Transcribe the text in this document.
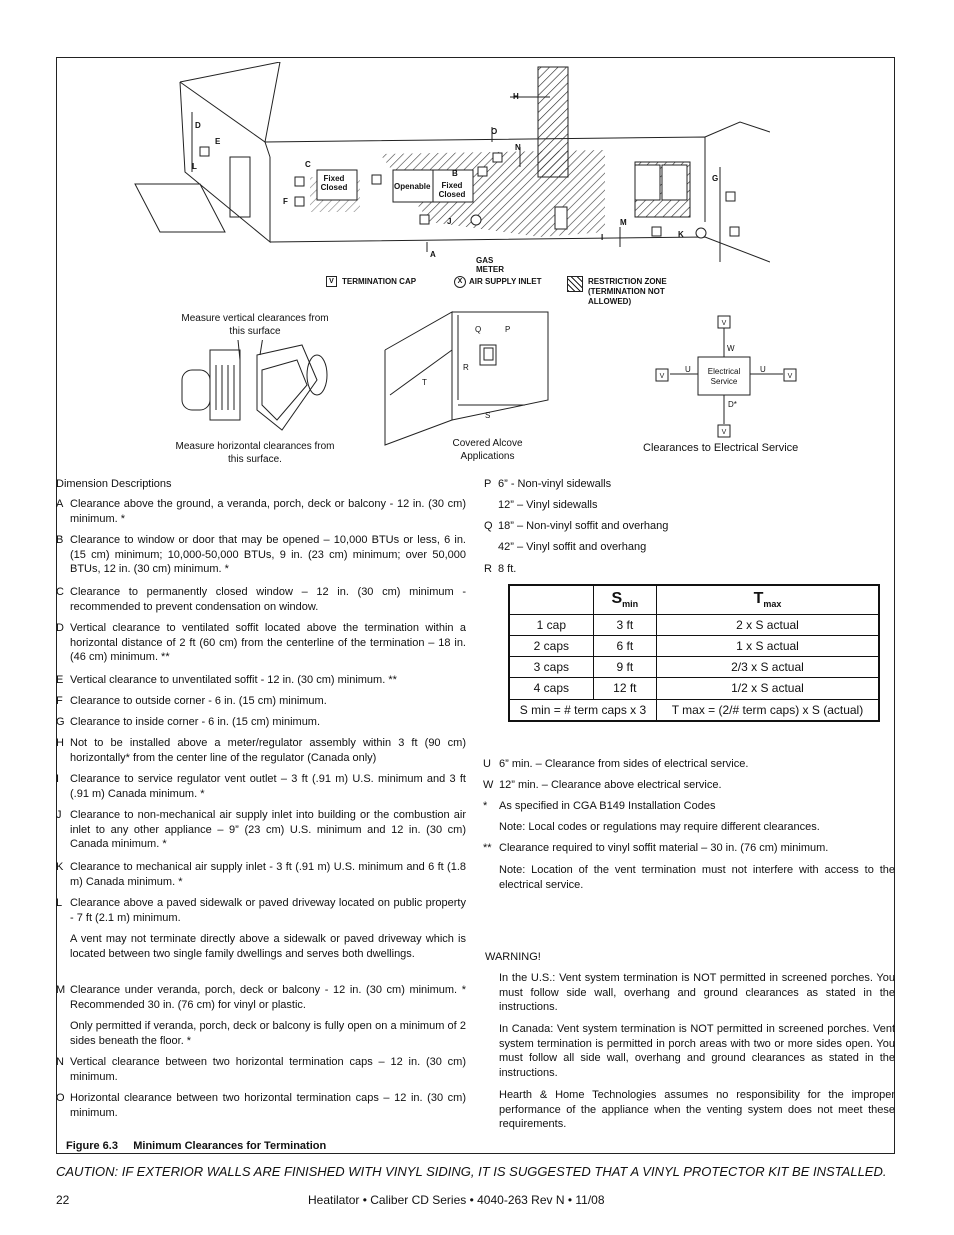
H
O
N
D
E
L	C
F
A
I
M
K
G
J
B
Fixed Closed	Openable	Fixed Closed
GAS METER
V	TERMINATION CAP	X AIR SUPPLY INLET	RESTRICTION ZONE (TERMINATION NOT ALLOWED)
Measure vertical clearances from this surface
Measure horizontal clearances from this surface.
Q	P
R
T
S
Covered Alcove Applications
V
V
V	V
W
U	U
D*
Electrical Service
Clearances to Electrical Service
Dimension Descriptions
A Clearance above the ground, a veranda, porch, deck or balcony - 12 in. (30 cm) minimum. *
B Clearance to window or door that may be opened – 10,000 BTUs or less, 6 in. (15 cm) minimum; 10,000-50,000 BTUs, 9 in. (23 cm) minimum; over 50,000 BTUs, 12 in. (30 cm) minimum. *
C Clearance to permanently closed window – 12 in. (30 cm) minimum - recommended to prevent condensation on window.
D Vertical clearance to ventilated soffit located above the termination within a horizontal distance of 2 ft (60 cm) from the centerline of the termination – 18 in. (46 cm) minimum. **
E Vertical clearance to unventilated soffit - 12 in. (30 cm) minimum. **
F Clearance to outside corner - 6 in. (15 cm) minimum.
G Clearance to inside corner - 6 in. (15 cm) minimum.
H Not to be installed above a meter/regulator assembly within 3 ft (90 cm) horizontally* from the center line of the regulator (Canada only)
I Clearance to service regulator vent outlet – 3 ft (.91 m) U.S. minimum and 3 ft (.91 m) Canada minimum. *
J Clearance to non-mechanical air supply inlet into building or the combustion air inlet to any other appliance – 9” (23 cm) U.S. minimum and 12 in. (30 cm) Canada minimum. *
K Clearance to mechanical air supply inlet - 3 ft (.91 m) U.S. minimum and 6 ft (1.8 m) Canada minimum. *
L Clearance above a paved sidewalk or paved driveway located on public property - 7 ft (2.1 m) minimum.
A vent may not terminate directly above a sidewalk or paved driveway which is located between two single family dwellings and serves both dwellings.
M Clearance under veranda, porch, deck or balcony - 12 in. (30 cm) minimum. * Recommended 30 in. (76 cm) for vinyl or plastic.
Only permitted if veranda, porch, deck or balcony is fully open on a minimum of 2 sides beneath the floor. *
N Vertical clearance between two horizontal termination caps – 12 in. (30 cm) minimum.
O Horizontal clearance between two horizontal termination caps – 12 in. (30 cm) minimum.
Figure 6.3     Minimum Clearances for Termination
P 6” - Non-vinyl sidewalls
12” – Vinyl sidewalls
Q 18” – Non-vinyl soffit and overhang
42” – Vinyl soffit and overhang
R 8 ft.
	$S_{min}$	$T_{max}$
1 cap	3 ft	2 x S actual
2 caps	6 ft	1 x S actual
3 caps	9 ft	2/3 x S actual
4 caps	12 ft	1/2 x S actual
S min = # term caps x 3		T max = (2/# term caps) x S (actual)
U 6” min. – Clearance from sides of electrical service.
W 12” min. – Clearance above electrical service.
*	As specified in CGA B149 Installation Codes
Note: Local codes or regulations may require different clearances.
** Clearance required to vinyl soffit material – 30 in. (76 cm) minimum.
Note: Location of the vent termination must not interfere with access to the electrical service.
WARNING!
In the U.S.: Vent system termination is NOT permitted in screened porches. You must follow side wall, overhang and ground clearances as stated in the instructions.
In Canada: Vent system termination is NOT permitted in screened porches. Vent system termination is permitted in porch areas with two or more sides open. You must follow all side wall, overhang and ground clearances as stated in the instructions.
Hearth & Home Technologies assumes no responsibility for the improper performance of the appliance when the venting system does not meet these requirements.
CAUTION: IF EXTERIOR WALLS ARE FINISHED WITH VINYL SIDING, IT IS SUGGESTED THAT A VINYL PROTECTOR KIT BE INSTALLED.
22	Heatilator • Caliber CD Series • 4040-263 Rev N • 11/08
